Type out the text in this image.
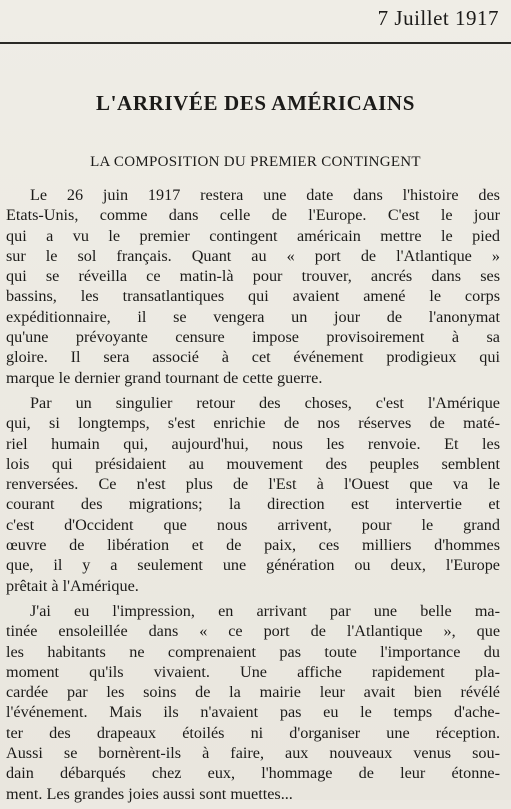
7 Juillet 1917
L'ARRIVÉE DES AMÉRICAINS
LA COMPOSITION DU PREMIER CONTINGENT
Le 26 juin 1917 restera une date dans l'histoire des
Etats-Unis, comme dans celle de l'Europe. C'est le jour
qui a vu le premier contingent américain mettre le pied
sur le sol français. Quant au « port de l'Atlantique »
qui se réveilla ce matin-là pour trouver, ancrés dans ses
bassins, les transatlantiques qui avaient amené le corps
expéditionnaire, il se vengera un jour de l'anonymat
qu'une prévoyante censure impose provisoirement à sa
gloire. Il sera associé à cet événement prodigieux qui
marque le dernier grand tournant de cette guerre.
Par un singulier retour des choses, c'est l'Amérique
qui, si longtemps, s'est enrichie de nos réserves de maté-
riel humain qui, aujourd'hui, nous les renvoie. Et les
lois qui présidaient au mouvement des peuples semblent
renversées. Ce n'est plus de l'Est à l'Ouest que va le
courant des migrations; la direction est intervertie et
c'est d'Occident que nous arrivent, pour le grand
œuvre de libération et de paix, ces milliers d'hommes
que, il y a seulement une génération ou deux, l'Europe
prêtait à l'Amérique.
J'ai eu l'impression, en arrivant par une belle ma-
tinée ensoleillée dans « ce port de l'Atlantique », que
les habitants ne comprenaient pas toute l'importance du
moment qu'ils vivaient. Une affiche rapidement pla-
cardée par les soins de la mairie leur avait bien révélé
l'événement. Mais ils n'avaient pas eu le temps d'ache-
ter des drapeaux étoilés ni d'organiser une réception.
Aussi se bornèrent-ils à faire, aux nouveaux venus sou-
dain débarqués chez eux, l'hommage de leur étonne-
ment. Les grandes joies aussi sont muettes...
